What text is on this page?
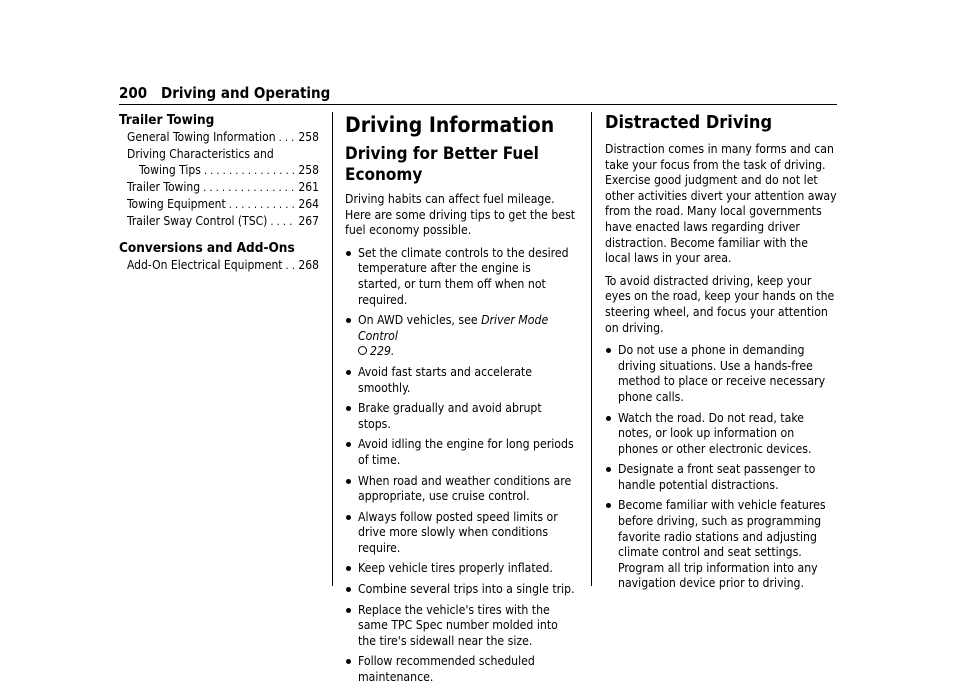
200 Driving and Operating
Trailer Towing
General Towing Information . . . 258
Driving Characteristics and
Towing Tips . . .	258
Trailer Towing . . .	261
Towing Equipment . . .	264
Trailer Sway Control (TSC) . . .	267
Conversions and Add-Ons
Add-On Electrical Equipment . . . 268
Driving Information
Driving for Better Fuel Economy

Driving habits can affect fuel mileage. Here are some driving tips to get the best fuel economy possible.

Set the climate controls to the desired temperature after the engine is started, or turn them off when not required.
On AWD vehicles, see Driver Mode Control
229.
Avoid fast starts and accelerate smoothly.
Brake gradually and avoid abrupt stops.
Avoid idling the engine for long periods of time.
When road and weather conditions are appropriate, use cruise control.
Always follow posted speed limits or drive more slowly when conditions require.
Keep vehicle tires properly inflated.
Combine several trips into a single trip.
Replace the vehicle's tires with the same TPC Spec number molded into the tire's sidewall near the size.
Follow recommended scheduled maintenance.
Distracted Driving

Distraction comes in many forms and can take your focus from the task of driving. Exercise good judgment and do not let other activities divert your attention away from the road. Many local governments have enacted laws regarding driver distraction. Become familiar with the local laws in your area.

To avoid distracted driving, keep your eyes on the road, keep your hands on the steering wheel, and focus your attention on driving.

Do not use a phone in demanding driving situations. Use a hands-free method to place or receive necessary phone calls.
Watch the road. Do not read, take notes, or look up information on phones or other electronic devices.
Designate a front seat passenger to handle potential distractions.
Become familiar with vehicle features before driving, such as programming favorite radio stations and adjusting climate control and seat settings. Program all trip information into any navigation device prior to driving.
